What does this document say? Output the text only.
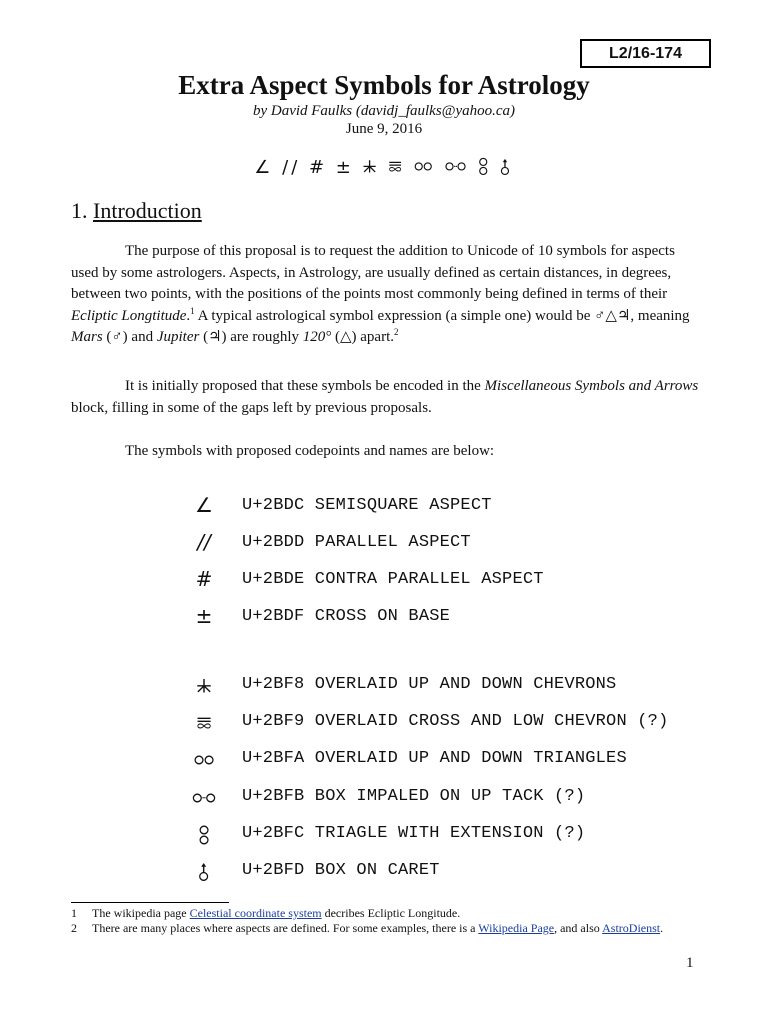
L2/16-174
Extra Aspect Symbols for Astrology
by David Faulks (davidj_faulks@yahoo.ca)
June 9, 2016
∠ // # ± ⯸ ⯹ ⯺ ⯻ ⯼ ⯽
1. Introduction
The purpose of this proposal is to request the addition to Unicode of 10 symbols for aspects used by some astrologers. Aspects, in Astrology, are usually defined as certain distances, in degrees, between two points, with the positions of the points most commonly being defined in terms of their Ecliptic Longtitude.$^1$ A typical astrological symbol expression (a simple one) would be ♂△♃, meaning Mars (♂) and Jupiter (♃) are roughly 120° (△) apart.$^2$
It is initially proposed that these symbols be encoded in the Miscellaneous Symbols and Arrows block, filling in some of the gaps left by previous proposals.
The symbols with proposed codepoints and names are below:
∠ U+2BDC SEMISQUARE ASPECT
//	U+2BDD PARALLEL ASPECT
# U+2BDE CONTRA PARALLEL ASPECT
± U+2BDF CROSS ON BASE
⯸	U+2BF8 OVERLAID UP AND DOWN CHEVRONS
⯹	U+2BF9 OVERLAID CROSS AND LOW CHEVRON (?)
⯺ U+2BFA OVERLAID UP AND DOWN TRIANGLES
⯻ U+2BFB BOX IMPALED ON UP TACK (?)
⯼	U+2BFC TRIAGLE WITH EXTENSION (?)
⯽	U+2BFD BOX ON CARET
1 The wikipedia page Celestial coordinate system decribes Ecliptic Longitude.
2 There are many places where aspects are defined. For some examples, there is a Wikipedia Page, and also AstroDienst.
1
